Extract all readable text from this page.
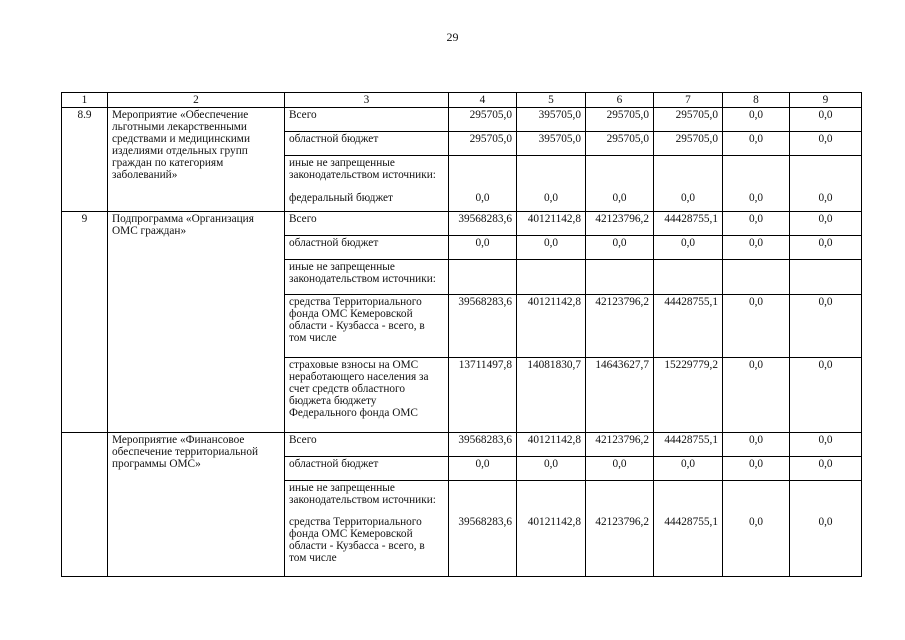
29
1	2	3	4	5	6	7	8	9
8.9	Мероприятие «Обеспечение льготными лекарственными средствами и медицинскими изделиями отдельных групп граждан по категориям заболеваний»	Всего	295705,0	395705,0	295705,0	295705,0	0,0	0,0
		областной бюджет	295705,0	395705,0	295705,0	295705,0	0,0	0,0
		иные не запрещенные законодательством источники:						
		федеральный бюджет	0,0	0,0	0,0	0,0	0,0	0,0
9	Подпрограмма «Организация ОМС граждан»	Всего	39568283,6	40121142,8	42123796,2	44428755,1	0,0	0,0
		областной бюджет	0,0	0,0	0,0	0,0	0,0	0,0
		иные не запрещенные законодательством источники:						
		средства Территориального фонда ОМС Кемеровской области - Кузбасса - всего, в том числе	39568283,6	40121142,8	42123796,2	44428755,1	0,0	0,0
		страховые взносы на ОМС неработающего населения за счет средств областного бюджета бюджету Федерального фонда ОМС	13711497,8	14081830,7	14643627,7	15229779,2	0,0	0,0
	Мероприятие «Финансовое обеспечение территориальной программы ОМС»	Всего	39568283,6	40121142,8	42123796,2	44428755,1	0,0	0,0
		областной бюджет	0,0	0,0	0,0	0,0	0,0	0,0
		иные не запрещенные законодательством источники:						
		средства Территориального фонда ОМС Кемеровской области - Кузбасса - всего, в том числе	39568283,6	40121142,8	42123796,2	44428755,1	0,0	0,0
